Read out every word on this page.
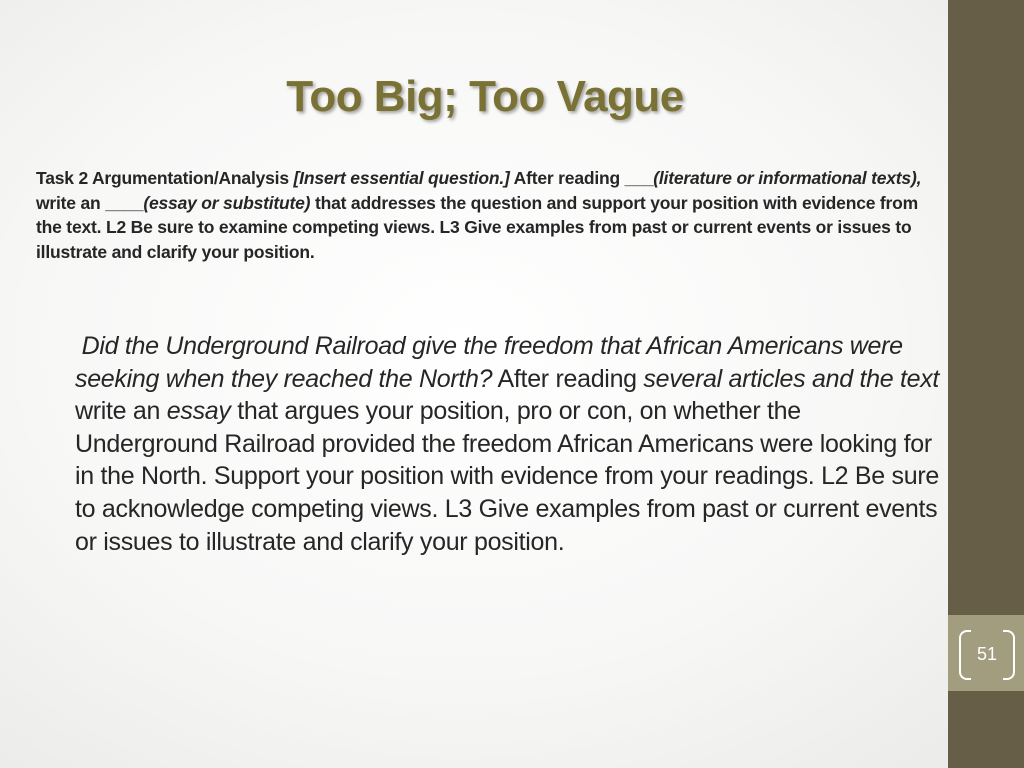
51
Too Big; Too Vague
Task 2 Argumentation/Analysis [Insert essential question.] After reading ___(literature or informational texts), write an ____(essay or substitute) that addresses the question and support your position with evidence from the text. L2 Be sure to examine competing views. L3 Give examples from past or current events or issues to illustrate and clarify your position.
Did the Underground Railroad give the freedom that African Americans were seeking when they reached the North? After reading several articles and the text write an essay that argues your position, pro or con, on whether the Underground Railroad provided the freedom African Americans were looking for in the North. Support your position with evidence from your readings. L2 Be sure to acknowledge competing views. L3 Give examples from past or current events or issues to illustrate and clarify your position.
